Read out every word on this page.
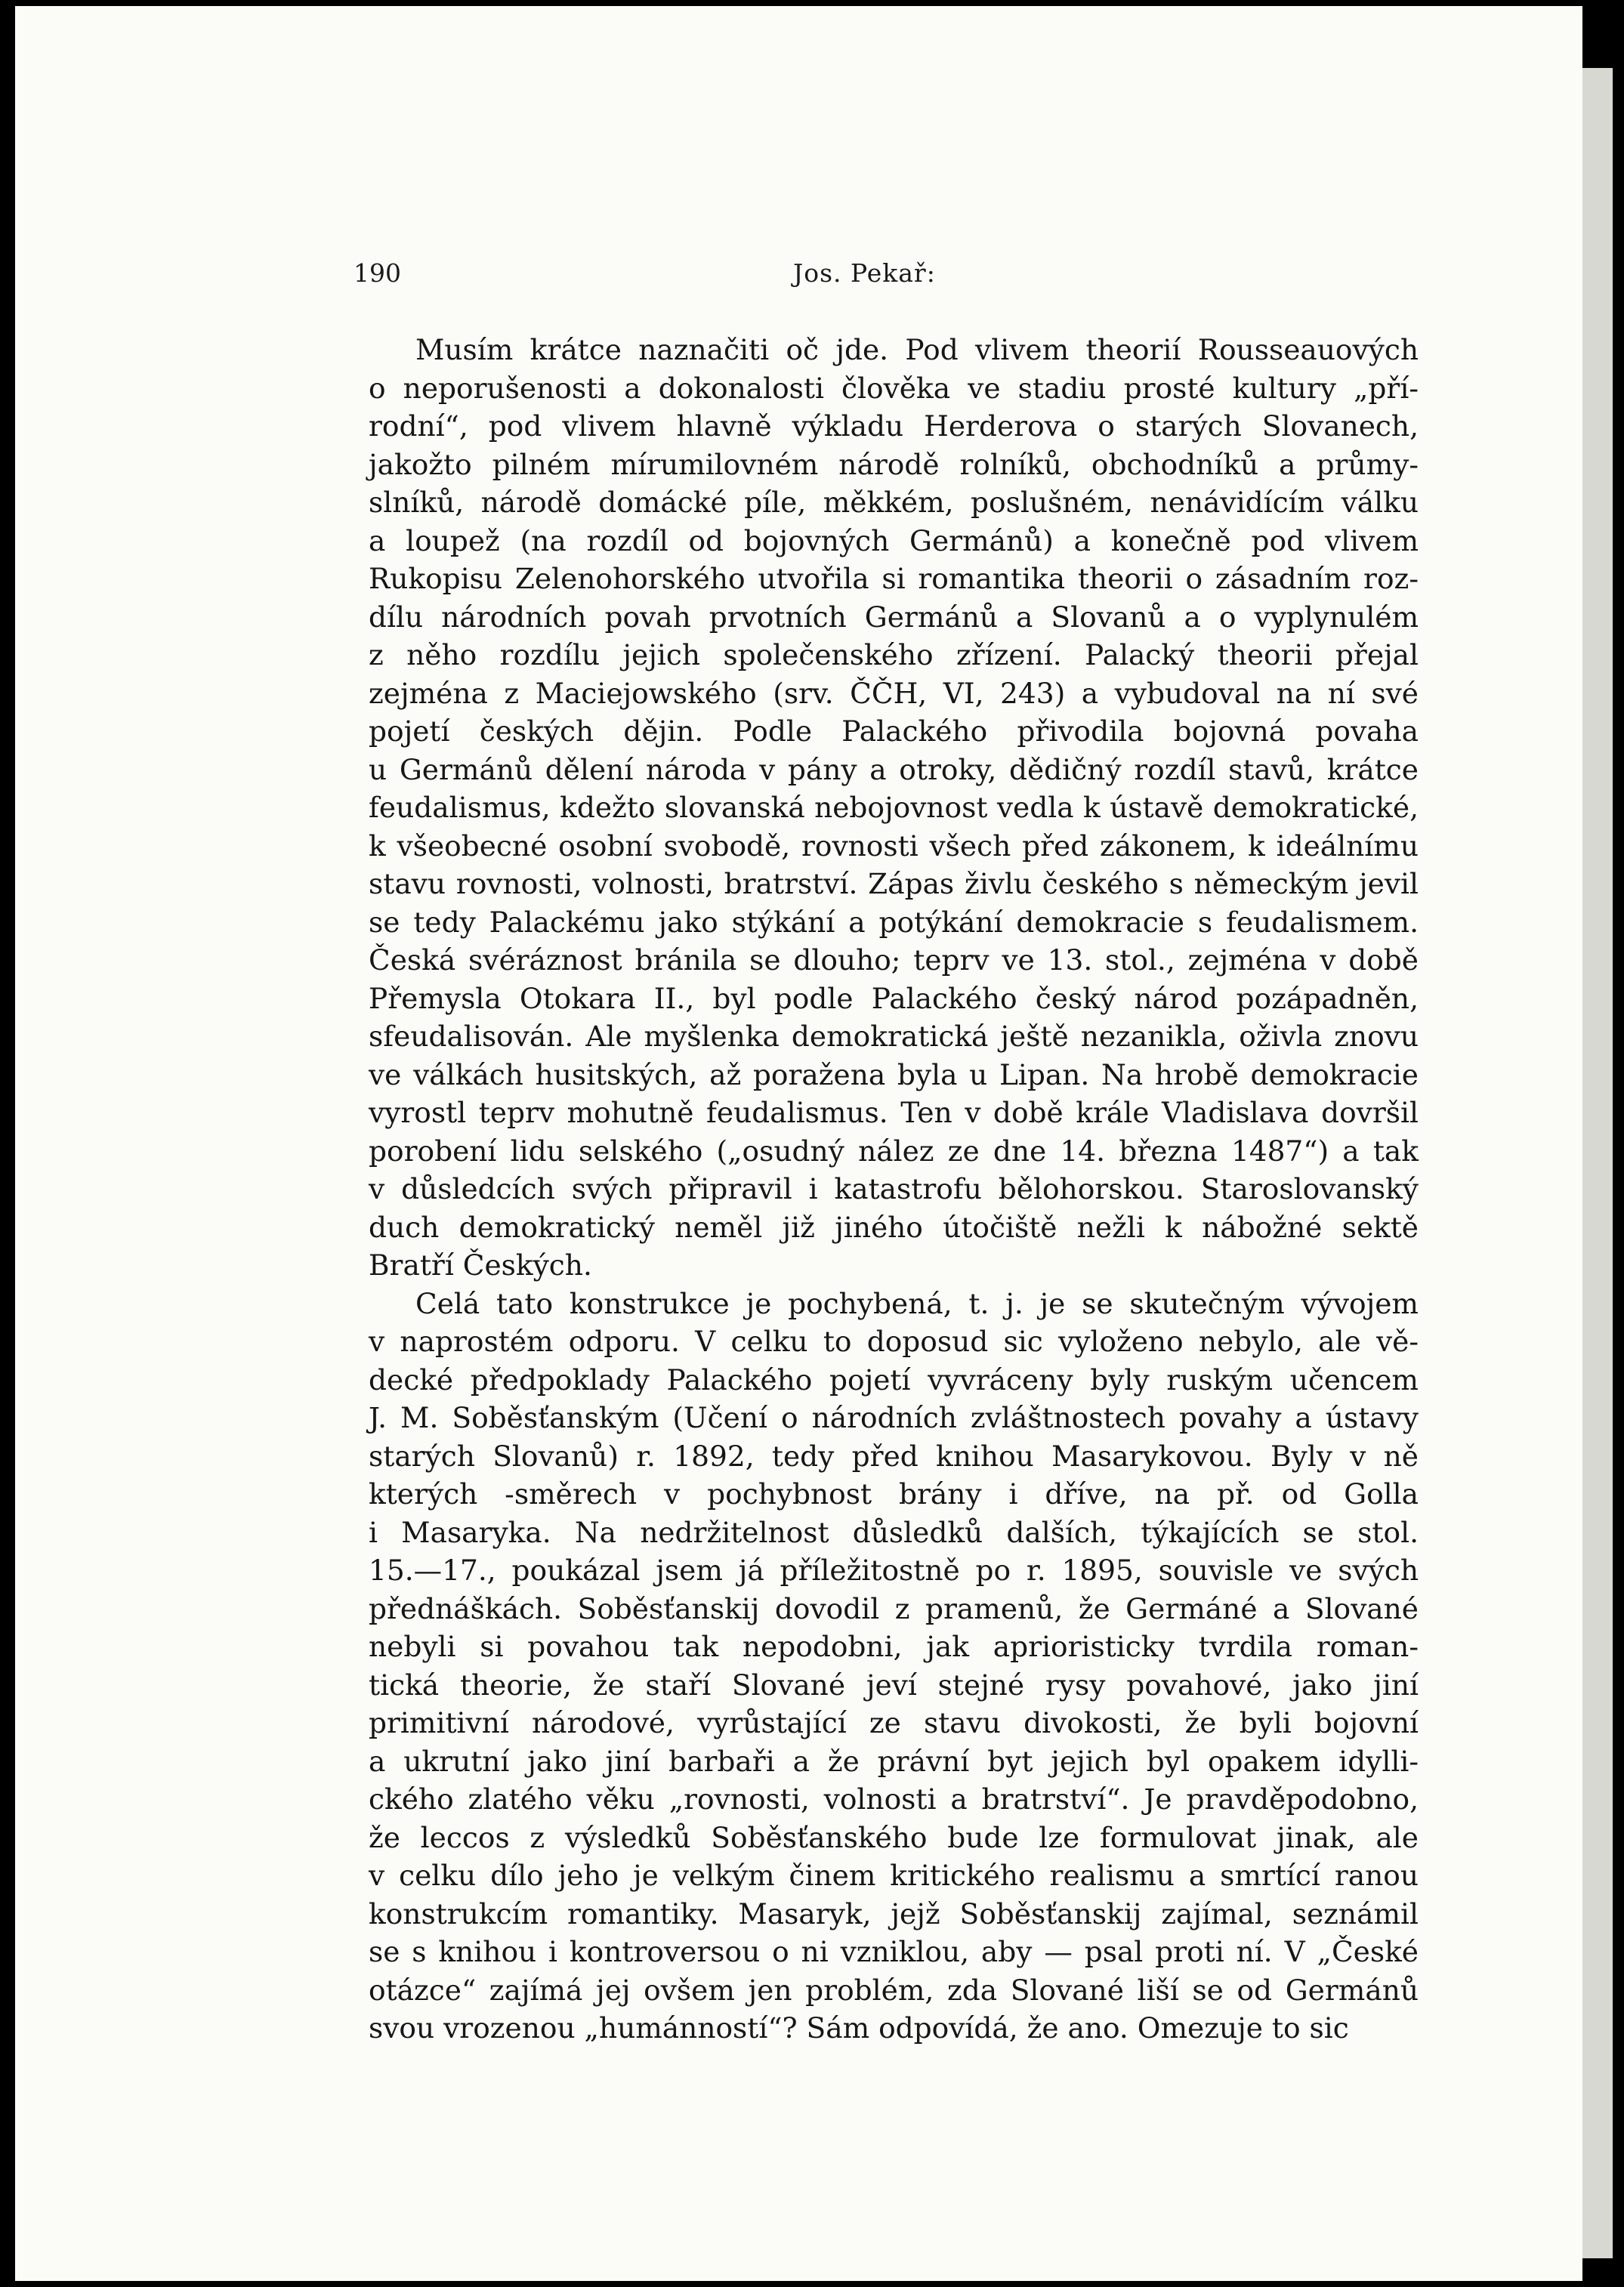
190	Jos. Pekař:
Musím krátce naznačiti oč jde. Pod vlivem theorií Rousseauových
o neporušenosti a dokonalosti člověka ve stadiu prosté kultury „pří-
rodní“, pod vlivem hlavně výkladu Herderova o starých Slovanech,
jakožto pilném mírumilovném národě rolníků, obchodníků a průmy-
slníků, národě domácké píle, měkkém, poslušném, nenávidícím válku
a loupež (na rozdíl od bojovných Germánů) a konečně pod vlivem
Rukopisu Zelenohorského utvořila si romantika theorii o zásadním roz-
dílu národních povah prvotních Germánů a Slovanů a o vyplynulém
z něho rozdílu jejich společenského zřízení. Palacký theorii přejal
zejména z Maciejowského (srv. ČČH, VI, 243) a vybudoval na ní své
pojetí českých dějin. Podle Palackého přivodila bojovná povaha
u Germánů dělení národa v pány a otroky, dědičný rozdíl stavů, krátce
feudalismus, kdežto slovanská nebojovnost vedla k ústavě demokratické,
k všeobecné osobní svobodě, rovnosti všech před zákonem, k ideálnímu
stavu rovnosti, volnosti, bratrství. Zápas živlu českého s německým jevil
se tedy Palackému jako stýkání a potýkání demokracie s feudalismem.
Česká svéráznost bránila se dlouho; teprv ve 13. stol., zejména v době
Přemysla Otokara II., byl podle Palackého český národ pozápadněn,
sfeudalisován. Ale myšlenka demokratická ještě nezanikla, oživla znovu
ve válkách husitských, až poražena byla u Lipan. Na hrobě demokracie
vyrostl teprv mohutně feudalismus. Ten v době krále Vladislava dovršil
porobení lidu selského („osudný nález ze dne 14. března 1487“) a tak
v důsledcích svých připravil i katastrofu bělohorskou. Staroslovanský
duch demokratický neměl již jiného útočiště nežli k nábožné sektě
Bratří Českých.
Celá tato konstrukce je pochybená, t. j. je se skutečným vývojem
v naprostém odporu. V celku to doposud sic vyloženo nebylo, ale vě-
decké předpoklady Palackého pojetí vyvráceny byly ruským učencem
J. M. Soběsťanským (Učení o národních zvláštnostech povahy a ústavy
starých Slovanů) r. 1892, tedy před knihou Masarykovou. Byly v ně
kterých -směrech v pochybnost brány i dříve, na př. od Golla
i Masaryka. Na nedržitelnost důsledků dalších, týkajících se stol.
15.—17., poukázal jsem já příležitostně po r. 1895, souvisle ve svých
přednáškách. Soběsťanskij dovodil z pramenů, že Germáné a Slované
nebyli si povahou tak nepodobni, jak aprioristicky tvrdila roman-
tická theorie, že staří Slované jeví stejné rysy povahové, jako jiní
primitivní národové, vyrůstající ze stavu divokosti, že byli bojovní
a ukrutní jako jiní barbaři a že právní byt jejich byl opakem idylli-
ckého zlatého věku „rovnosti, volnosti a bratrství“. Je pravděpodobno,
že leccos z výsledků Soběsťanského bude lze formulovat jinak, ale
v celku dílo jeho je velkým činem kritického realismu a smrtící ranou
konstrukcím romantiky. Masaryk, jejž Soběsťanskij zajímal, seznámil
se s knihou i kontroversou o ni vzniklou, aby — psal proti ní. V „České
otázce“ zajímá jej ovšem jen problém, zda Slované liší se od Germánů
svou vrozenou „humánností“? Sám odpovídá, že ano. Omezuje to sic
